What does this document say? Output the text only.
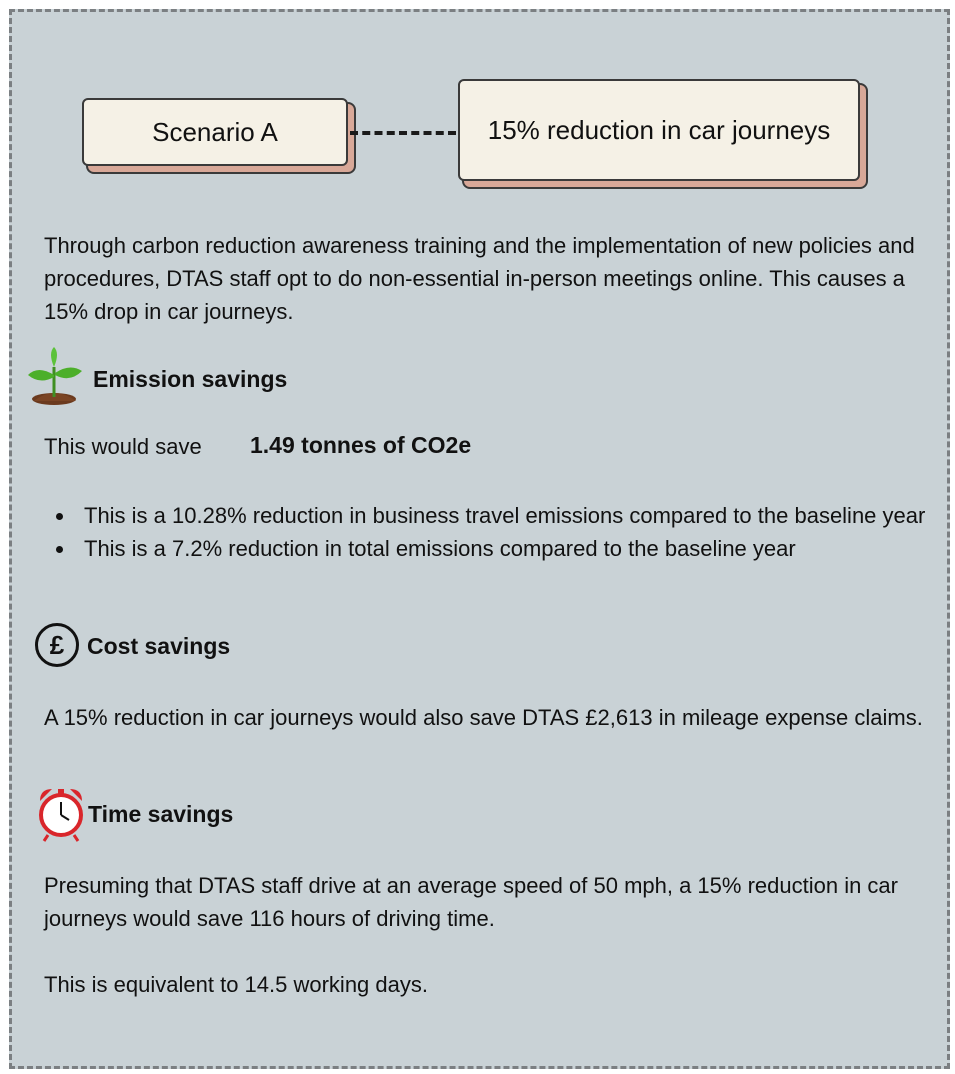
Scenario A	15% reduction in car journeys

Through carbon reduction awareness training and the implementation of new policies and procedures, DTAS staff opt to do non-essential in-person meetings online. This causes a 15% drop in car journeys.

Emission savings
This would save 1.49 tonnes of CO2e
This is a 10.28% reduction in business travel emissions compared to the baseline year
This is a 7.2% reduction in total emissions compared to the baseline year
£ Cost savings

A 15% reduction in car journeys would also save DTAS £2,613 in mileage expense claims.

Time savings

Presuming that DTAS staff drive at an average speed of 50 mph, a 15% reduction in car journeys would save 116 hours of driving time.

This is equivalent to 14.5 working days.
